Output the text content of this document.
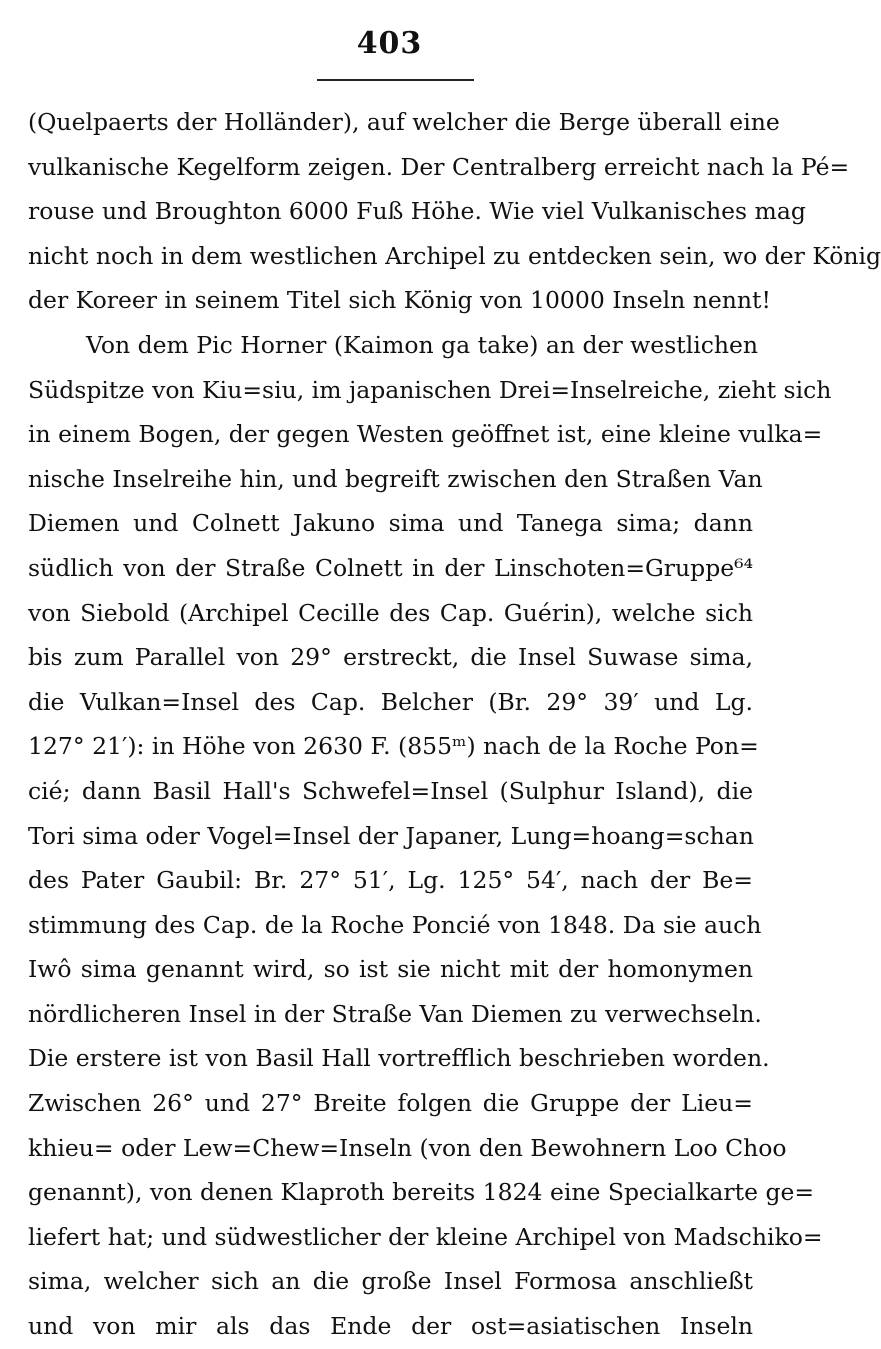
403
(Quelpaerts der Holländer), auf welcher die Berge überall eine
vulkanische Kegelform zeigen. Der Centralberg erreicht nach la Pé=
rouse und Broughton 6000 Fuß Höhe. Wie viel Vulkanisches mag
nicht noch in dem westlichen Archipel zu entdecken sein, wo der König
der Koreer in seinem Titel sich König von 10000 Inseln nennt!
Von dem Pic Horner (Kaimon ga take) an der westlichen
Südspitze von Kiu=siu, im japanischen Drei=Inselreiche, zieht sich
in einem Bogen, der gegen Westen geöffnet ist, eine kleine vulka=
nische Inselreihe hin, und begreift zwischen den Straßen Van
Diemen und Colnett Jakuno sima und Tanega sima; dann
südlich von der Straße Colnett in der Linschoten=Gruppe⁶⁴
von Siebold (Archipel Cecille des Cap. Guérin), welche sich
bis zum Parallel von 29° erstreckt, die Insel Suwase sima,
die Vulkan=Insel des Cap. Belcher (Br. 29° 39′ und Lg.
127° 21′): in Höhe von 2630 F. (855ᵐ) nach de la Roche Pon=
cié; dann Basil Hall's Schwefel=Insel (Sulphur Island), die
Tori sima oder Vogel=Insel der Japaner, Lung=hoang=schan
des Pater Gaubil: Br. 27° 51′, Lg. 125° 54′, nach der Be=
stimmung des Cap. de la Roche Poncié von 1848. Da sie auch
Iwô sima genannt wird, so ist sie nicht mit der homonymen
nördlicheren Insel in der Straße Van Diemen zu verwechseln.
Die erstere ist von Basil Hall vortrefflich beschrieben worden.
Zwischen 26° und 27° Breite folgen die Gruppe der Lieu=
khieu= oder Lew=Chew=Inseln (von den Bewohnern Loo Choo
genannt), von denen Klaproth bereits 1824 eine Specialkarte ge=
liefert hat; und südwestlicher der kleine Archipel von Madschiko=
sima, welcher sich an die große Insel Formosa anschließt
und von mir als das Ende der ost=asiatischen Inseln
